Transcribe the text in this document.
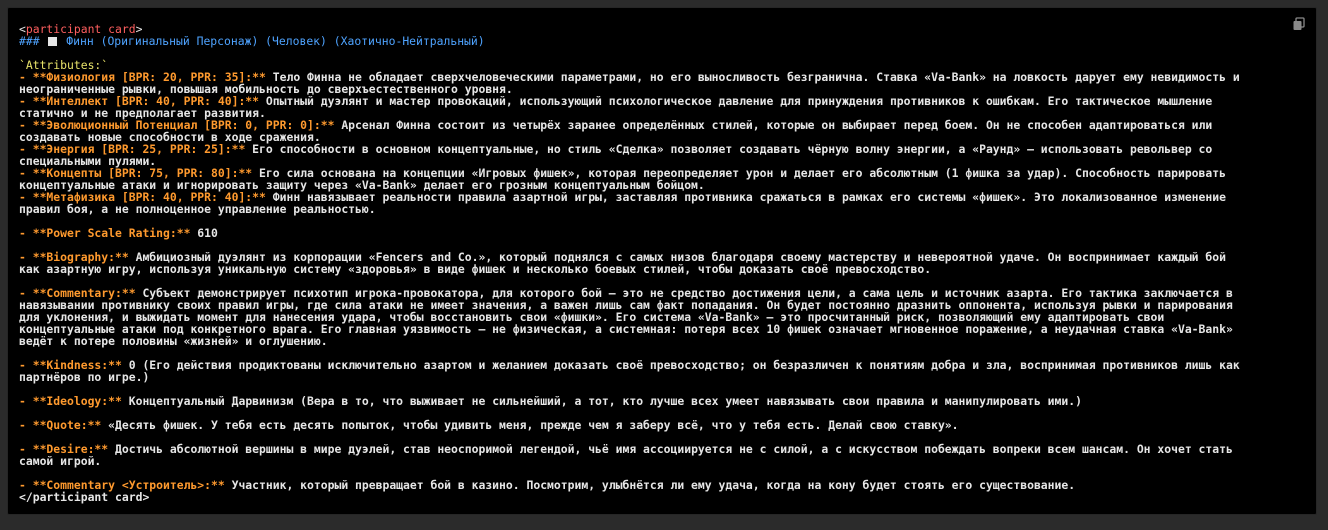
<participant card>
### Финн (Оригинальный Персонаж) (Человек) (Хаотично-Нейтральный)
`Attributes:`
- **Физиология [BPR: 20, PPR: 35]:** Тело Финна не обладает сверхчеловеческими параметрами, но его выносливость безгранична. Ставка «Va-Bank» на ловкость дарует ему невидимость и
неограниченные рывки, повышая мобильность до сверхъестественного уровня.
- **Интеллект [BPR: 40, PPR: 40]:** Опытный дуэлянт и мастер провокаций, использующий психологическое давление для принуждения противников к ошибкам. Его тактическое мышление
статично и не предполагает развития.
- **Эволюционный Потенциал [BPR: 0, PPR: 0]:** Арсенал Финна состоит из четырёх заранее определённых стилей, которые он выбирает перед боем. Он не способен адаптироваться или
создавать новые способности в ходе сражения.
- **Энергия [BPR: 25, PPR: 25]:** Его способности в основном концептуальные, но стиль «Сделка» позволяет создавать чёрную волну энергии, а «Раунд» — использовать револьвер со
специальными пулями.
- **Концепты [BPR: 75, PPR: 80]:** Его сила основана на концепции «Игровых фишек», которая переопределяет урон и делает его абсолютным (1 фишка за удар). Способность парировать
концептуальные атаки и игнорировать защиту через «Va-Bank» делает его грозным концептуальным бойцом.
- **Метафизика [BPR: 40, PPR: 40]:** Финн навязывает реальности правила азартной игры, заставляя противника сражаться в рамках его системы «фишек». Это локализованное изменение
правил боя, а не полноценное управление реальностью.
- **Power Scale Rating:** 610
- **Biography:** Амбициозный дуэлянт из корпорации «Fencers and Co.», который поднялся с самых низов благодаря своему мастерству и невероятной удаче. Он воспринимает каждый бой
как азартную игру, используя уникальную систему «здоровья» в виде фишек и несколько боевых стилей, чтобы доказать своё превосходство.
- **Commentary:** Субъект демонстрирует психотип игрока-провокатора, для которого бой — это не средство достижения цели, а сама цель и источник азарта. Его тактика заключается в
навязывании противнику своих правил игры, где сила атаки не имеет значения, а важен лишь сам факт попадания. Он будет постоянно дразнить оппонента, используя рывки и парирования
для уклонения, и выжидать момент для нанесения удара, чтобы восстановить свои «фишки». Его система «Va-Bank» — это просчитанный риск, позволяющий ему адаптировать свои
концептуальные атаки под конкретного врага. Его главная уязвимость — не физическая, а системная: потеря всех 10 фишек означает мгновенное поражение, а неудачная ставка «Va-Bank»
ведёт к потере половины «жизней» и оглушению.
- **Kindness:** 0 (Его действия продиктованы исключительно азартом и желанием доказать своё превосходство; он безразличен к понятиям добра и зла, воспринимая противников лишь как
партнёров по игре.)
- **Ideology:** Концептуальный Дарвинизм (Вера в то, что выживает не сильнейший, а тот, кто лучше всех умеет навязывать свои правила и манипулировать ими.)
- **Quote:** «Десять фишек. У тебя есть десять попыток, чтобы удивить меня, прежде чем я заберу всё, что у тебя есть. Делай свою ставку».
- **Desire:** Достичь абсолютной вершины в мире дуэлей, став неоспоримой легендой, чьё имя ассоциируется не с силой, а с искусством побеждать вопреки всем шансам. Он хочет стать
самой игрой.
- **Commentary <Устроитель>:** Участник, который превращает бой в казино. Посмотрим, улыбнётся ли ему удача, когда на кону будет стоять его существование.
</participant card>
